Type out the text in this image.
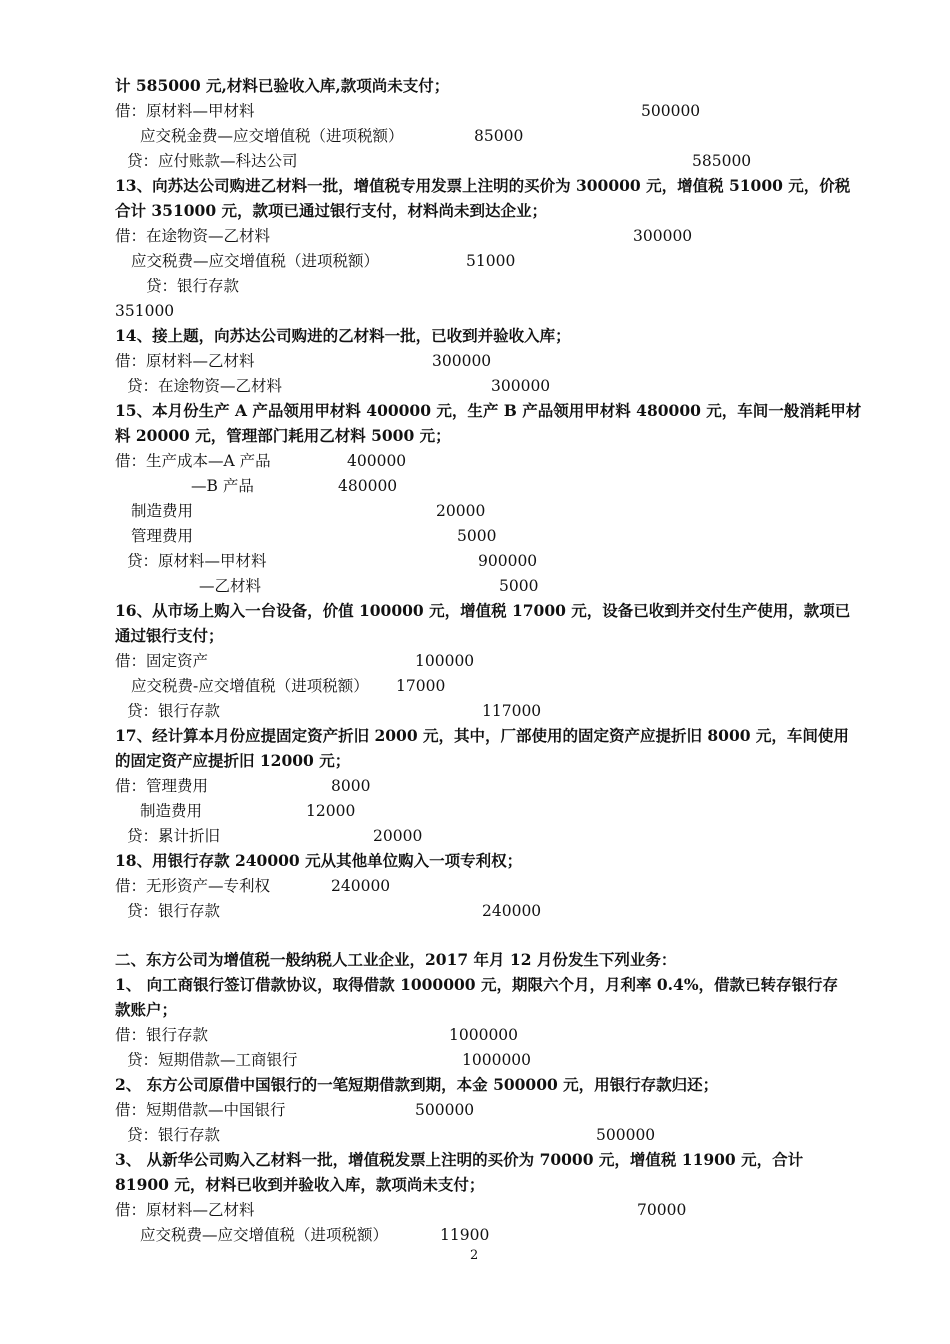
2
计 585000 元,材料已验收入库,款项尚未支付；
借：原材料—甲材料	500000
应交税金费—应交增值税（进项税额）	85000
贷：应付账款—科达公司	585000
13、向苏达公司购进乙材料一批，增值税专用发票上注明的买价为 300000 元，增值税 51000 元，价税
合计 351000 元，款项已通过银行支付，材料尚未到达企业；
借：在途物资—乙材料	300000
应交税费—应交增值税（进项税额）	51000
贷：银行存款
351000
14、接上题，向苏达公司购进的乙材料一批，已收到并验收入库；
借：原材料—乙材料	300000
贷：在途物资—乙材料	300000
15、本月份生产 A 产品领用甲材料 400000 元，生产 B 产品领用甲材料 480000 元，车间一般消耗甲材
料 20000 元，管理部门耗用乙材料 5000 元；
借：生产成本—A 产品	400000
—B 产品	480000
制造费用	20000
管理费用	5000
贷：原材料—甲材料	900000
—乙材料	5000
16、从市场上购入一台设备，价值 100000 元，增值税 17000 元，设备已收到并交付生产使用，款项已
通过银行支付；
借：固定资产	100000
应交税费-应交增值税（进项税额） 17000
贷：银行存款	117000
17、经计算本月份应提固定资产折旧 2000 元，其中，厂部使用的固定资产应提折旧 8000 元，车间使用
的固定资产应提折旧 12000 元；
借：管理费用	8000
制造费用	12000
贷：累计折旧	20000
18、用银行存款 240000 元从其他单位购入一项专利权；
借：无形资产—专利权	240000
贷：银行存款	240000
二、东方公司为增值税一般纳税人工业企业，2017 年月 12 月份发生下列业务：
1、 向工商银行签订借款协议，取得借款 1000000 元，期限六个月，月利率 0.4%，借款已转存银行存
款账户；
借：银行存款	1000000
贷：短期借款—工商银行	1000000
2、 东方公司原借中国银行的一笔短期借款到期，本金 500000 元，用银行存款归还；
借：短期借款—中国银行	500000
贷：银行存款	500000
3、 从新华公司购入乙材料一批，增值税发票上注明的买价为 70000 元，增值税 11900 元，合计
81900 元，材料已收到并验收入库，款项尚未支付；
借：原材料—乙材料	70000
应交税费—应交增值税（进项税额）	11900
